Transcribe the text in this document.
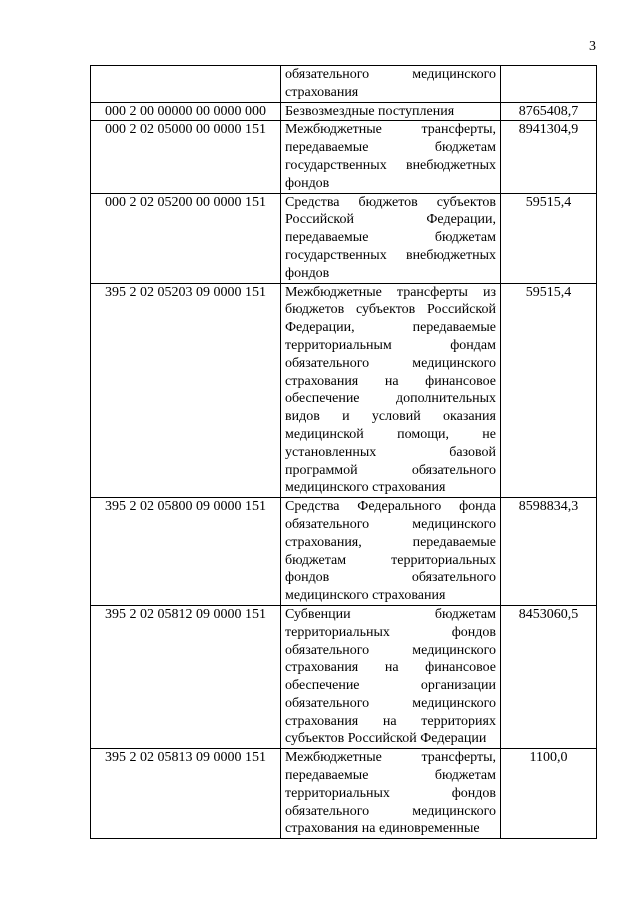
3
	обязательного медицинского страхования	
000 2 00 00000 00 0000 000	Безвозмездные поступления	8765408,7
000 2 02 05000 00 0000 151	Межбюджетные трансферты, передаваемые бюджетам государственных внебюджетных фондов	8941304,9
000 2 02 05200 00 0000 151	Средства бюджетов субъектов Российской Федерации, передаваемые бюджетам государственных внебюджетных фондов	59515,4
395 2 02 05203 09 0000 151	Межбюджетные трансферты из бюджетов субъектов Российской Федерации, передаваемые территориальным фондам обязательного медицинского страхования на финансовое обеспечение дополнительных видов и условий оказания медицинской помощи, не установленных базовой программой обязательного медицинского страхования	59515,4
395 2 02 05800 09 0000 151	Средства Федерального фонда обязательного медицинского страхования, передаваемые бюджетам территориальных фондов обязательного медицинского страхования	8598834,3
395 2 02 05812 09 0000 151	Субвенции бюджетам территориальных фондов обязательного медицинского страхования на финансовое обеспечение организации обязательного медицинского страхования на территориях субъектов Российской Федерации	8453060,5
395 2 02 05813 09 0000 151	Межбюджетные трансферты, передаваемые бюджетам территориальных фондов обязательного медицинского страхования на единовременные	1100,0
